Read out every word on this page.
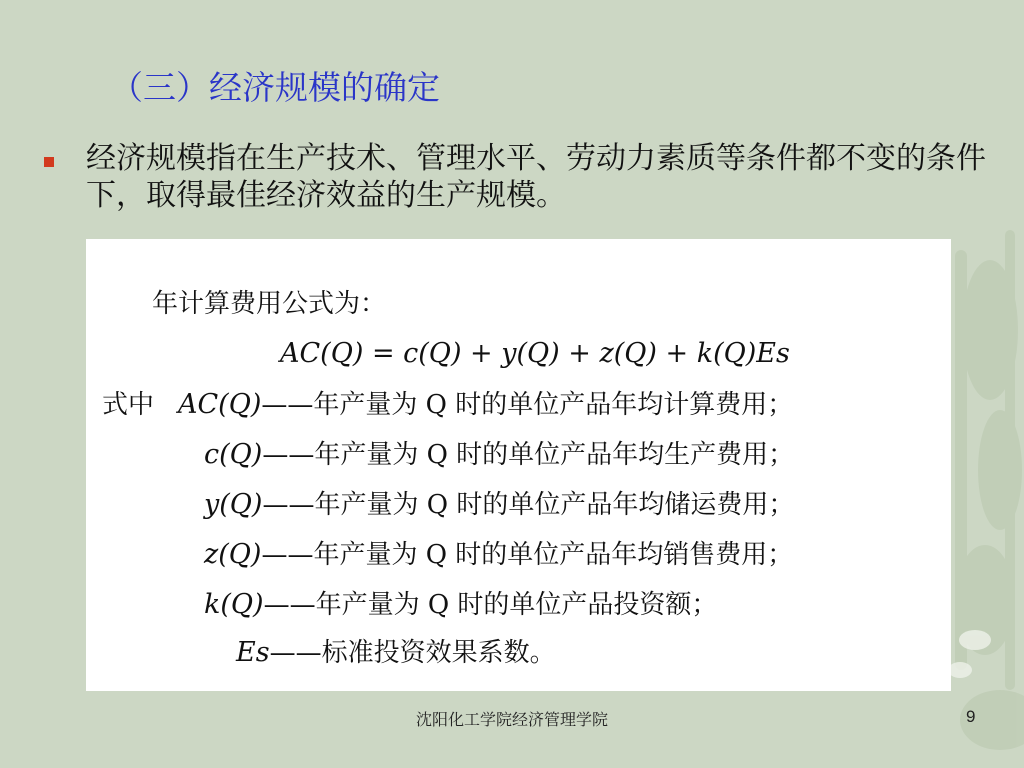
（三）经济规模的确定
经济规模指在生产技术、管理水平、劳动力素质等条件都不变的条件下，取得最佳经济效益的生产规模。
年计算费用公式为：
AC(Q) = c(Q) + y(Q) + z(Q) + k(Q)Es
式中 AC(Q)——年产量为 Q 时的单位产品年均计算费用；
c(Q)——年产量为 Q 时的单位产品年均生产费用；
y(Q)——年产量为 Q 时的单位产品年均储运费用；
z(Q)——年产量为 Q 时的单位产品年均销售费用；
k(Q)——年产量为 Q 时的单位产品投资额；
Es——标准投资效果系数。
沈阳化工学院经济管理学院	9
